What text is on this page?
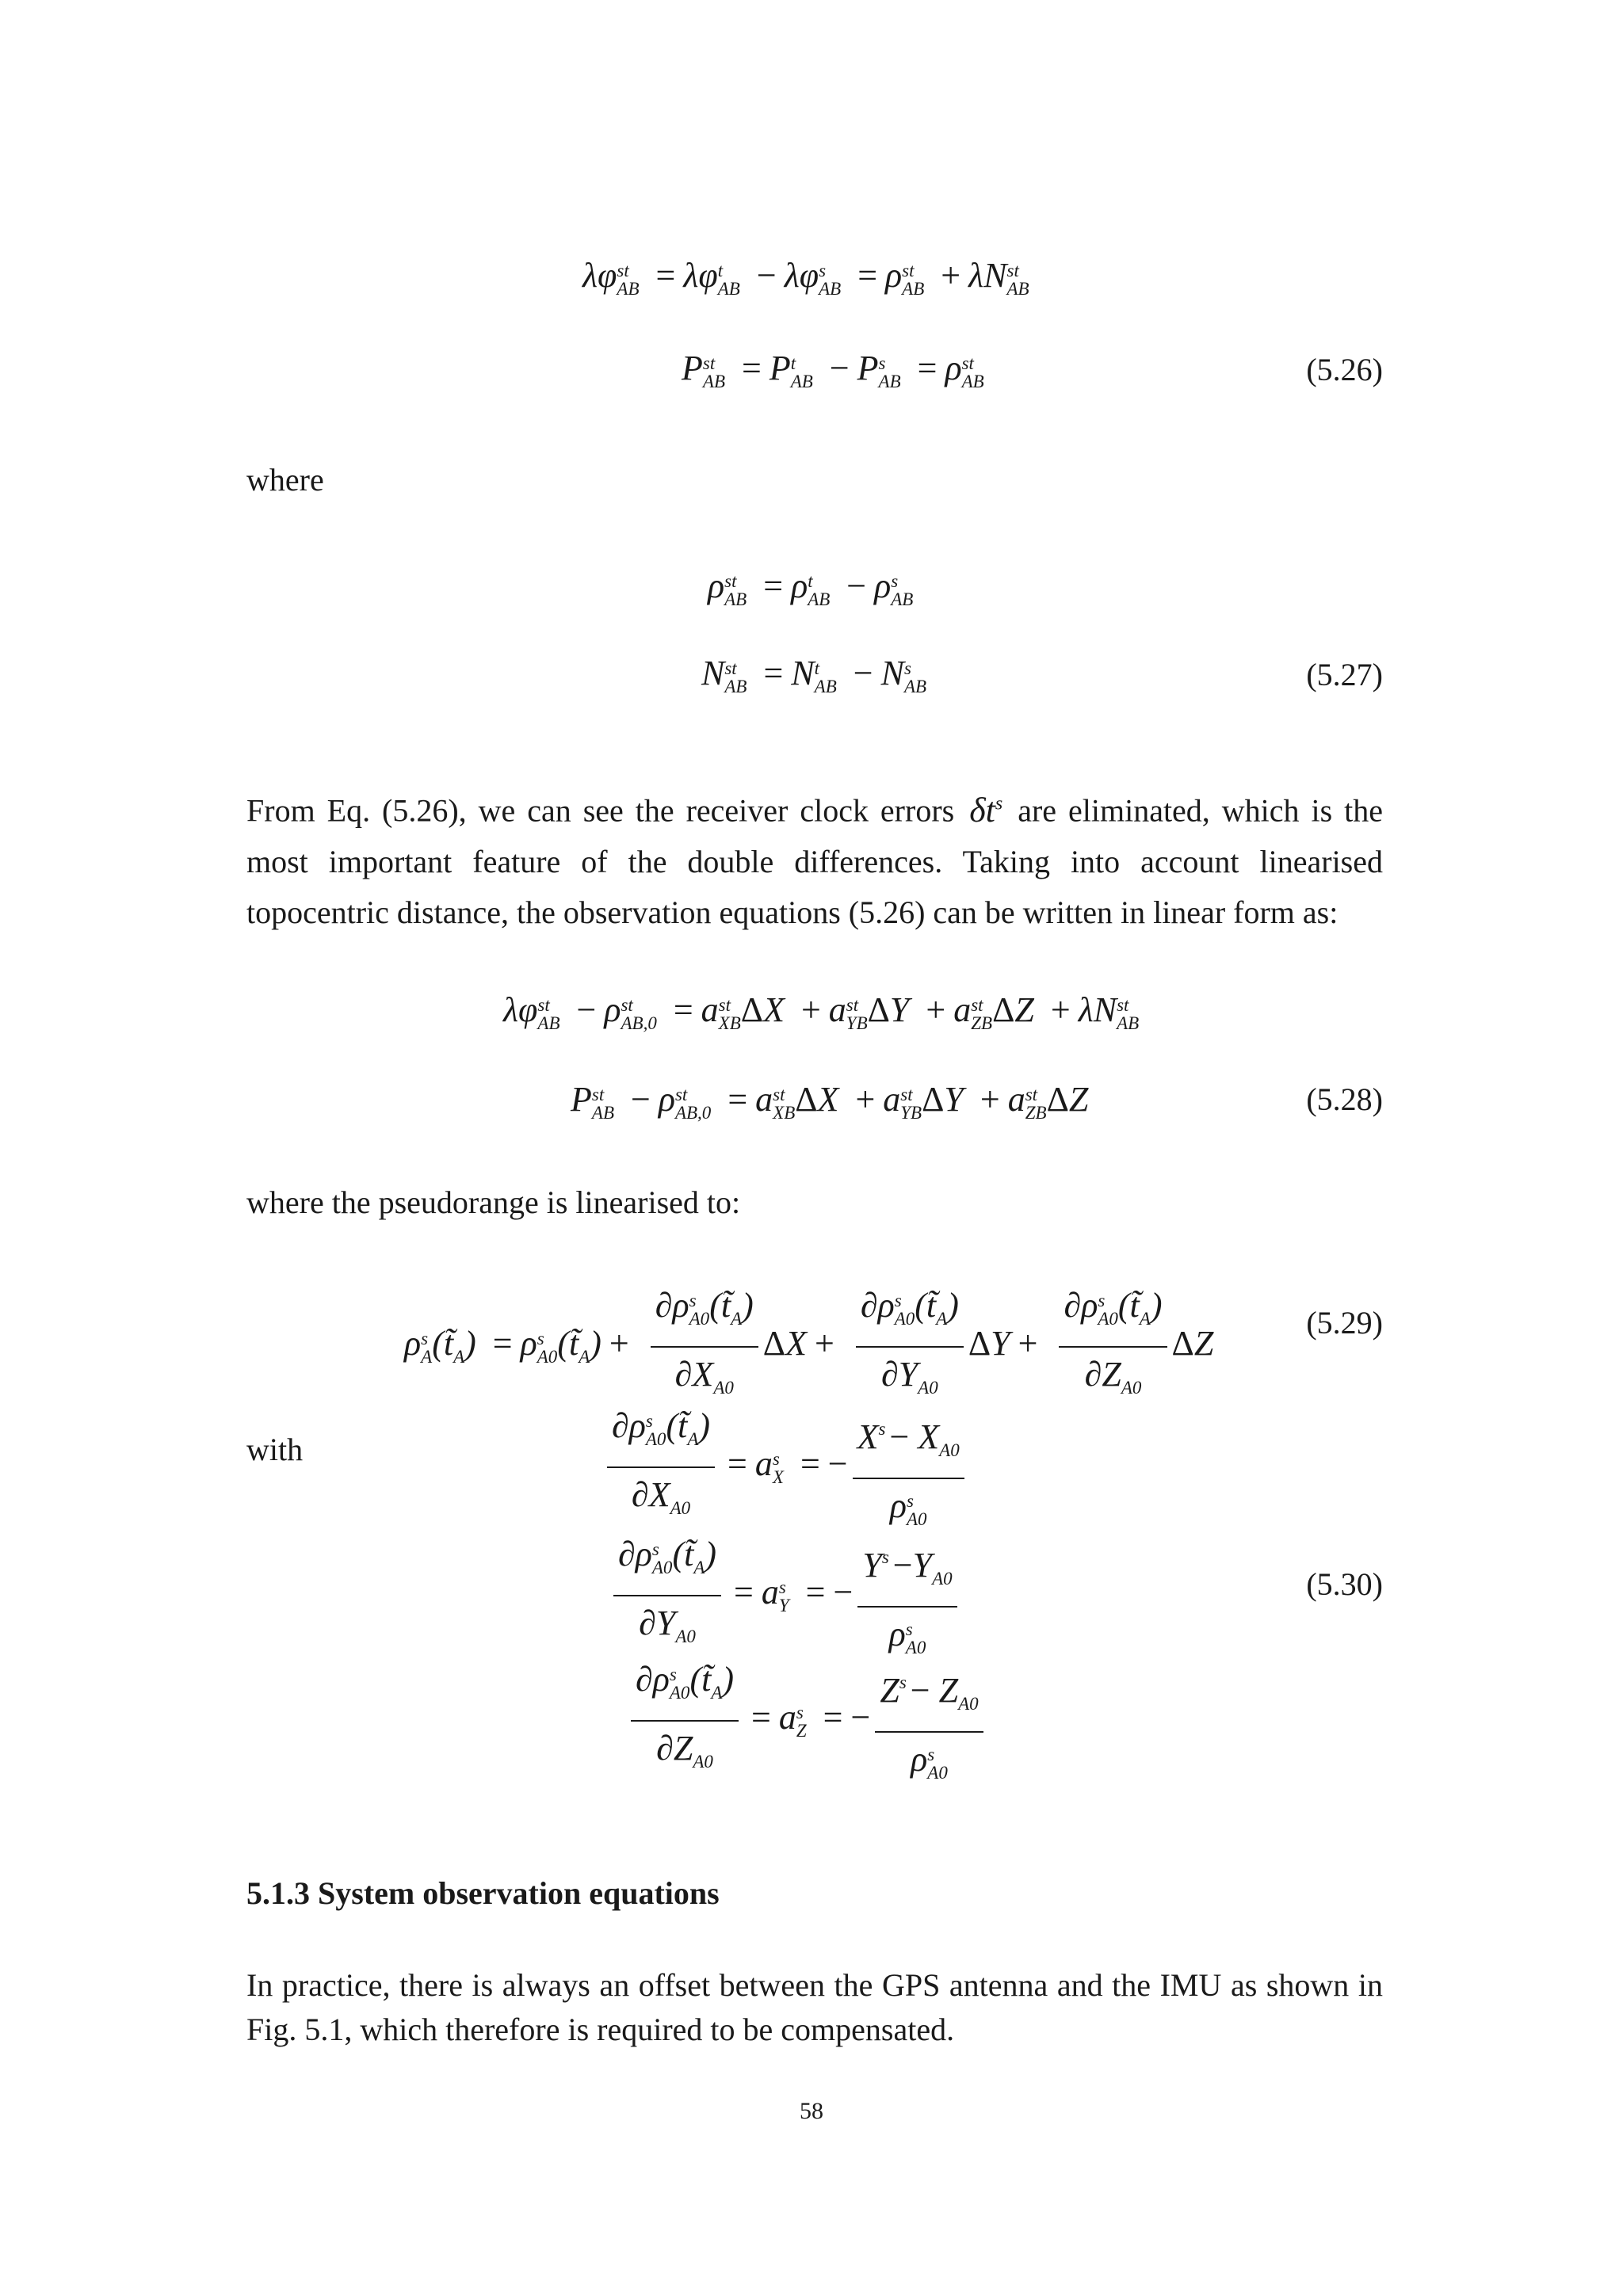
λφ st
AB = λφ t
AB − λφ s
AB = ρ st
AB + λN st
AB
P st
AB = P t
AB − P s
AB = ρ st
AB	(5.26)

where

ρ st
AB = ρ t
AB − ρ s
AB
N st
AB = N t
AB − N s
AB	(5.27)

From Eq. (5.26), we can see the receiver clock errors $\delta t^s$ are eliminated, which is the most important feature of the double differences. Taking into account linearised topocentric distance, the observation equations (5.26) can be written in linear form as:

λφ st
AB − ρ st
AB,0 = a st
XB ΔX + a st
YB ΔY + a st
ZB ΔZ + λN st
AB
P st
AB − ρ st
AB,0 = a st
XB ΔX + a st
YB ΔY + a st
ZB ΔZ	(5.28)

where the pseudorange is linearised to:

ρ s
A $(t̃_A) = \rho$ s
A0 $(t̃_A) + \partial\rho$ s
A0 $(t̃_A)$
$\partial X_{A0}$ ΔX + ∂ρ s
A0 $(t̃_A)$
$\partial Y_{A0}$ ΔY + ∂ρ s
A0 $(t̃_A)$
$\partial Z_{A0}$ ΔZ
(5.29)

with	∂ρ s
A0 $(t̃_A)$
$\partial X_{A0} = a$ s
X = − $X^s - X_{A0}$
ρ s
A0
∂ρ s
A0 $(t̃_A)$
$\partial Y_{A0} = a$ s
Y = − $Y^s -Y_{A0}$
ρ s
A0	(5.30)
∂ρ s
A0 $(t̃_A)$
$\partial Z_{A0} = a$ s
Z = − $Z^s - Z_{A0}$
ρ s
A0

5.1.3 System observation equations

In practice, there is always an offset between the GPS antenna and the IMU as shown in Fig. 5.1, which therefore is required to be compensated.

58
